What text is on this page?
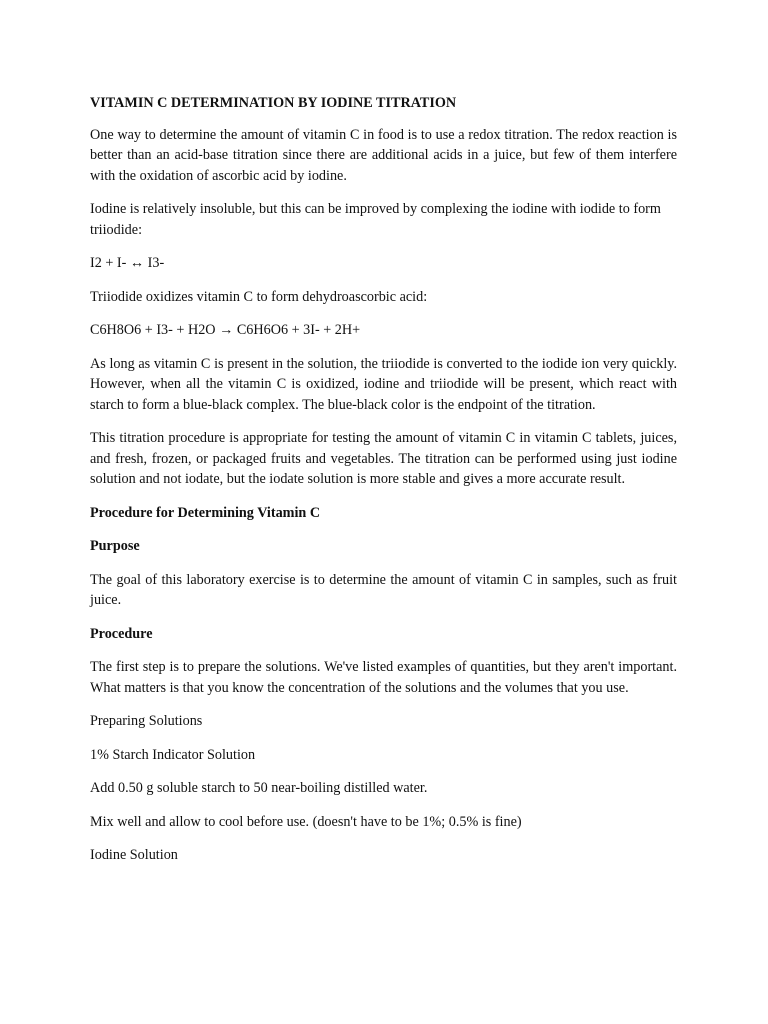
VITAMIN C DETERMINATION BY IODINE TITRATION

One way to determine the amount of vitamin C in food is to use a redox titration. The redox reaction is better than an acid-base titration since there are additional acids in a juice, but few of them interfere with the oxidation of ascorbic acid by iodine.

Iodine is relatively insoluble, but this can be improved by complexing the iodine with iodide to form triiodide:

I2 + I- ↔ I3-

Triiodide oxidizes vitamin C to form dehydroascorbic acid:

C6H8O6 + I3- + H2O → C6H6O6 + 3I- + 2H+

As long as vitamin C is present in the solution, the triiodide is converted to the iodide ion very quickly. However, when all the vitamin C is oxidized, iodine and triiodide will be present, which react with starch to form a blue-black complex. The blue-black color is the endpoint of the titration.

This titration procedure is appropriate for testing the amount of vitamin C in vitamin C tablets, juices, and fresh, frozen, or packaged fruits and vegetables. The titration can be performed using just iodine solution and not iodate, but the iodate solution is more stable and gives a more accurate result.

Procedure for Determining Vitamin C

Purpose

The goal of this laboratory exercise is to determine the amount of vitamin C in samples, such as fruit juice.

Procedure

The first step is to prepare the solutions. We've listed examples of quantities, but they aren't important. What matters is that you know the concentration of the solutions and the volumes that you use.

Preparing Solutions

1% Starch Indicator Solution

Add 0.50 g soluble starch to 50 near-boiling distilled water.

Mix well and allow to cool before use. (doesn't have to be 1%; 0.5% is fine)

Iodine Solution
